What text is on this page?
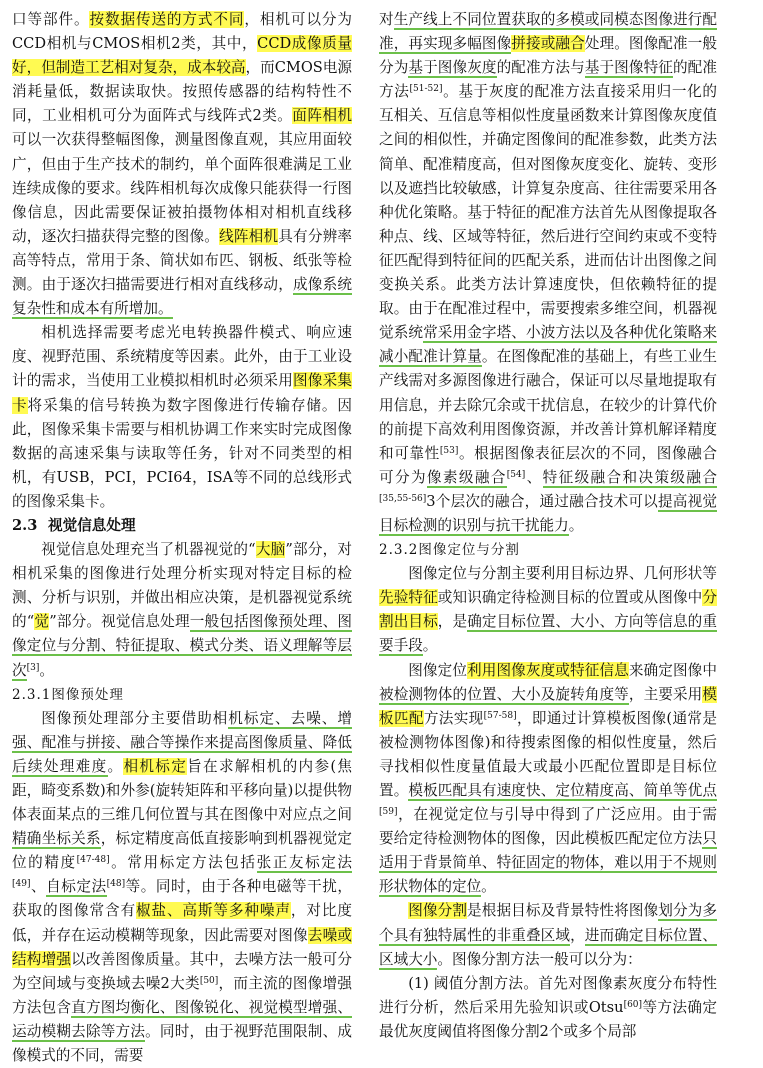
口等部件。按数据传送的方式不同，相机可以分为CCD相机与CMOS相机2类，其中，CCD成像质量好，但制造工艺相对复杂，成本较高，而CMOS电源消耗量低，数据读取快。按照传感器的结构特性不同，工业相机可分为面阵式与线阵式2类。面阵相机可以一次获得整幅图像，测量图像直观，其应用面较广，但由于生产技术的制约，单个面阵很难满足工业连续成像的要求。线阵相机每次成像只能获得一行图像信息，因此需要保证被拍摄物体相对相机直线移动，逐次扫描获得完整的图像。线阵相机具有分辨率高等特点，常用于条、简状如布匹、钢板、纸张等检测。由于逐次扫描需要进行相对直线移动，成像系统复杂性和成本有所增加。

相机选择需要考虑光电转换器件模式、响应速度、视野范围、系统精度等因素。此外，由于工业设计的需求，当使用工业模拟相机时必须采用图像采集卡将采集的信号转换为数字图像进行传输存储。因此，图像采集卡需要与相机协调工作来实时完成图像数据的高速采集与读取等任务，针对不同类型的相机，有USB，PCI，PCI64，ISA等不同的总线形式的图像采集卡。

2.3 视觉信息处理

视觉信息处理充当了机器视觉的“大脑”部分，对相机采集的图像进行处理分析实现对特定目标的检测、分析与识别，并做出相应决策，是机器视觉系统的“觉”部分。视觉信息处理一般包括图像预处理、图像定位与分割、特征提取、模式分类、语义理解等层次[3]。

2.3.1图像预处理

图像预处理部分主要借助相机标定、去噪、增强、配准与拼接、融合等操作来提高图像质量、降低后续处理难度。相机标定旨在求解相机的内参(焦距，畸变系数)和外参(旋转矩阵和平移向量)以提供物体表面某点的三维几何位置与其在图像中对应点之间精确坐标关系，标定精度高低直接影响到机器视觉定位的精度[47-48]。常用标定方法包括张正友标定法[49]、自标定法[48]等。同时，由于各种电磁等干扰，获取的图像常含有椒盐、高斯等多种噪声，对比度低，并存在运动模糊等现象，因此需要对图像去噪或结构增强以改善图像质量。其中，去噪方法一般可分为空间域与变换域去噪2大类[50]，而主流的图像增强方法包含直方图均衡化、图像锐化、视觉模型增强、运动模糊去除等方法。同时，由于视野范围限制、成像模式的不同，需要

对生产线上不同位置获取的多模或同模态图像进行配准，再实现多幅图像拼接或融合处理。图像配准一般分为基于图像灰度的配准方法与基于图像特征的配准方法[51-52]。基于灰度的配准方法直接采用归一化的互相关、互信息等相似性度量函数来计算图像灰度值之间的相似性，并确定图像间的配准参数，此类方法简单、配准精度高，但对图像灰度变化、旋转、变形以及遮挡比较敏感，计算复杂度高、往往需要采用各种优化策略。基于特征的配准方法首先从图像提取各种点、线、区域等特征，然后进行空间约束或不变特征匹配得到特征间的匹配关系，进而估计出图像之间变换关系。此类方法计算速度快，但依赖特征的提取。由于在配准过程中，需要搜索多维空间，机器视觉系统常采用金字塔、小波方法以及各种优化策略来减小配准计算量。在图像配准的基础上，有些工业生产线需对多源图像进行融合，保证可以尽量地提取有用信息，并去除冗余或干扰信息，在较少的计算代价的前提下高效利用图像资源，并改善计算机解译精度和可靠性[53]。根据图像表征层次的不同，图像融合可分为像素级融合[54]、特征级融合和决策级融合[35,55-56]3个层次的融合，通过融合技术可以提高视觉目标检测的识别与抗干扰能力。

2.3.2图像定位与分割

图像定位与分割主要利用目标边界、几何形状等先验特征或知识确定待检测目标的位置或从图像中分割出目标，是确定目标位置、大小、方向等信息的重要手段。

图像定位利用图像灰度或特征信息来确定图像中被检测物体的位置、大小及旋转角度等，主要采用模板匹配方法实现[57-58]，即通过计算模板图像(通常是被检测物体图像)和待搜索图像的相似性度量，然后寻找相似性度量值最大或最小匹配位置即是目标位置。模板匹配具有速度快、定位精度高、简单等优点[59]，在视觉定位与引导中得到了广泛应用。由于需要给定待检测物体的图像，因此模板匹配定位方法只适用于背景简单、特征固定的物体，难以用于不规则形状物体的定位。

图像分割是根据目标及背景特性将图像划分为多个具有独特属性的非重叠区域，进而确定目标位置、区域大小。图像分割方法一般可以分为：

(1) 阈值分割方法。首先对图像素灰度分布特性进行分析，然后采用先验知识或Otsu[60]等方法确定最优灰度阈值将图像分割2个或多个局部
